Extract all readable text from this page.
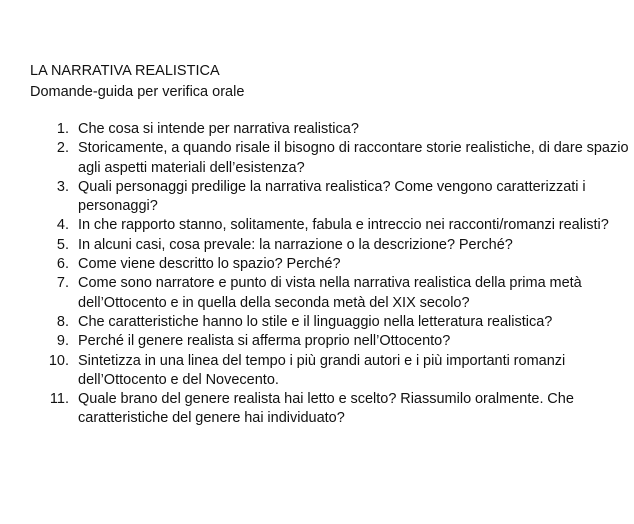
LA NARRATIVA REALISTICA
Domande-guida per verifica orale
1. Che cosa si intende per narrativa realistica?
2. Storicamente, a quando risale il bisogno di raccontare storie realistiche, di dare spazio agli aspetti materiali dell’esistenza?
3. Quali personaggi predilige la narrativa realistica? Come vengono caratterizzati i personaggi?
4. In che rapporto stanno, solitamente, fabula e intreccio nei racconti/romanzi realisti?
5. In alcuni casi, cosa prevale: la narrazione o la descrizione? Perché?
6. Come viene descritto lo spazio? Perché?
7. Come sono narratore e punto di vista nella narrativa realistica della prima metà dell’Ottocento e in quella della seconda metà del XIX secolo?
8. Che caratteristiche hanno lo stile e il linguaggio nella letteratura realistica?
9. Perché il genere realista si afferma proprio nell’Ottocento?
10. Sintetizza in una linea del tempo i più grandi autori e i più importanti romanzi dell’Ottocento e del Novecento.
11. Quale brano del genere realista hai letto e scelto? Riassumilo oralmente. Che caratteristiche del genere hai individuato?
